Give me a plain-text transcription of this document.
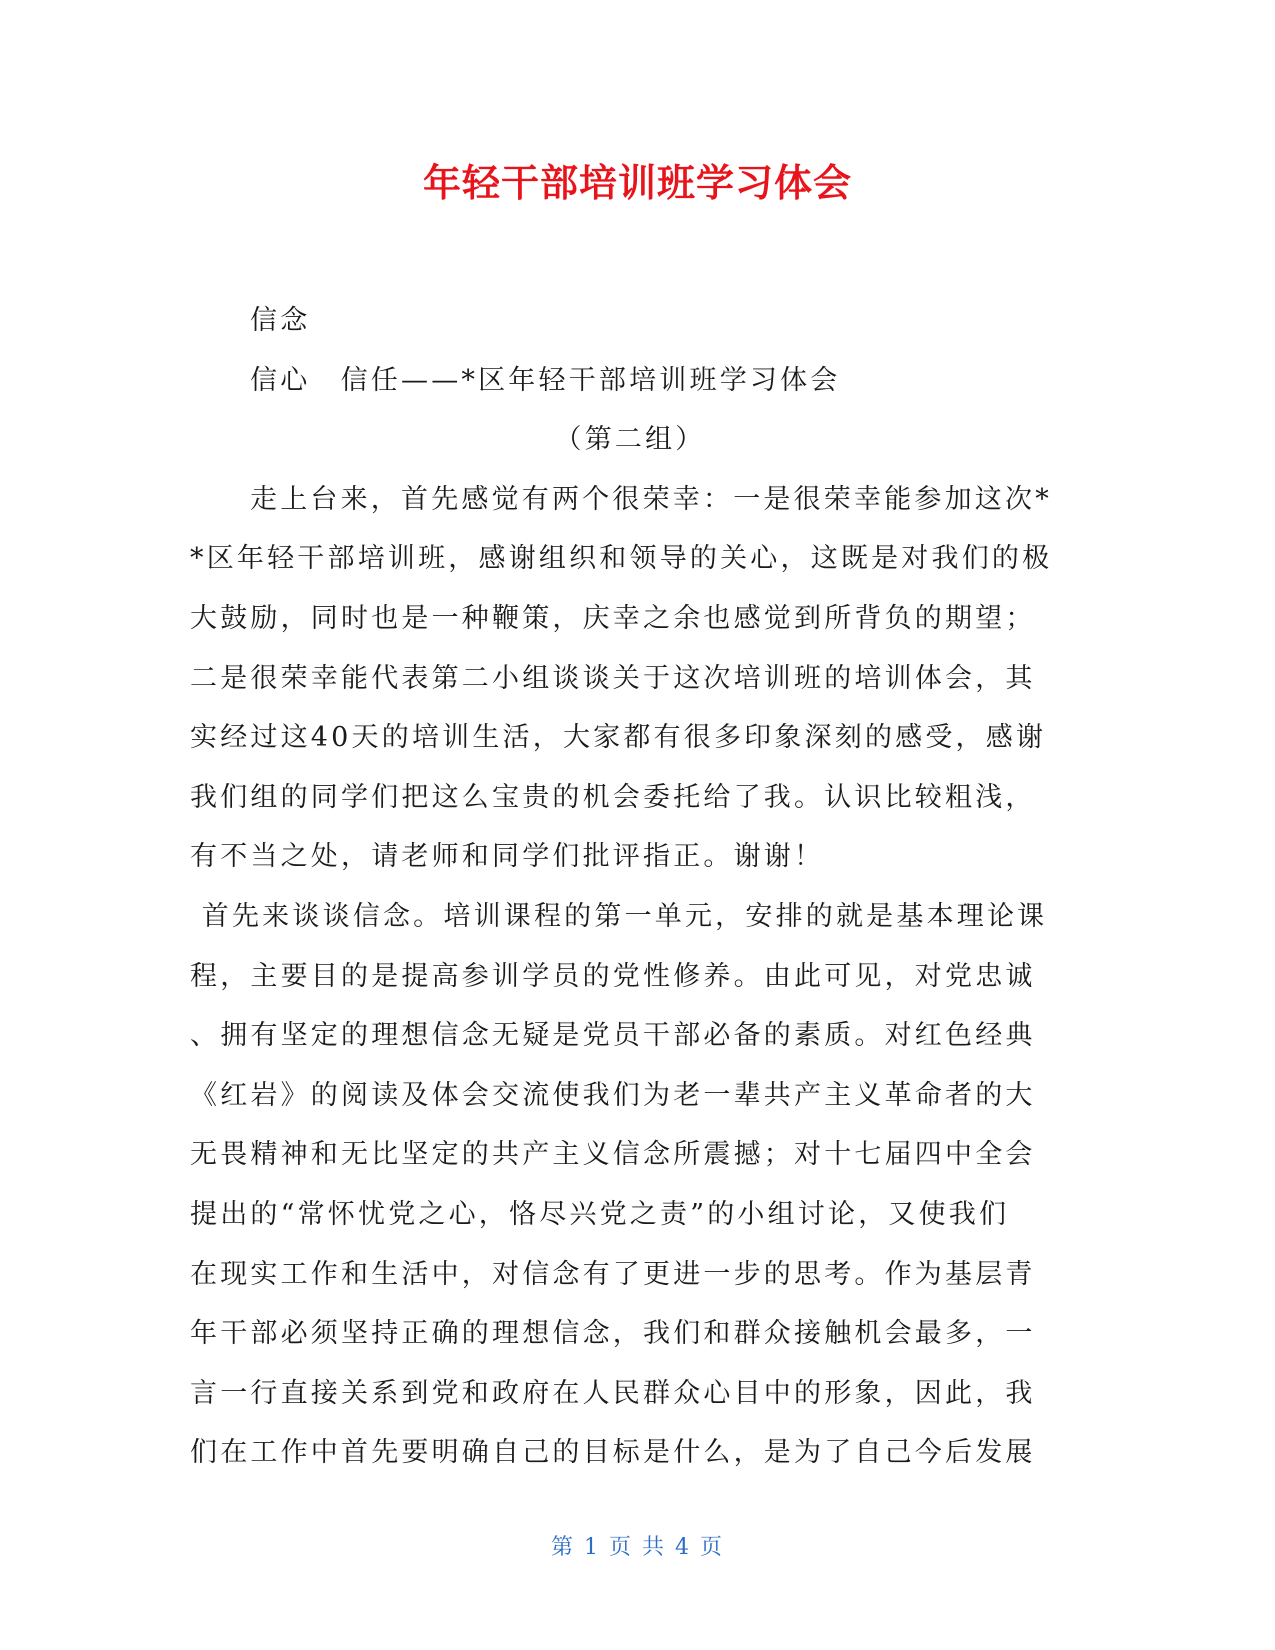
年轻干部培训班学习体会
信念
信心　信任——*区年轻干部培训班学习体会
（第二组）
走上台来，首先感觉有两个很荣幸：一是很荣幸能参加这次*
*区年轻干部培训班，感谢组织和领导的关心，这既是对我们的极
大鼓励，同时也是一种鞭策，庆幸之余也感觉到所背负的期望；
二是很荣幸能代表第二小组谈谈关于这次培训班的培训体会，其
实经过这40天的培训生活，大家都有很多印象深刻的感受，感谢
我们组的同学们把这么宝贵的机会委托给了我。认识比较粗浅，
有不当之处，请老师和同学们批评指正。谢谢！
首先来谈谈信念。培训课程的第一单元，安排的就是基本理论课
程，主要目的是提高参训学员的党性修养。由此可见，对党忠诚
、拥有坚定的理想信念无疑是党员干部必备的素质。对红色经典
《红岩》的阅读及体会交流使我们为老一辈共产主义革命者的大
无畏精神和无比坚定的共产主义信念所震撼；对十七届四中全会
提出的“常怀忧党之心，恪尽兴党之责”的小组讨论，又使我们
在现实工作和生活中，对信念有了更进一步的思考。作为基层青
年干部必须坚持正确的理想信念，我们和群众接触机会最多，一
言一行直接关系到党和政府在人民群众心目中的形象，因此，我
们在工作中首先要明确自己的目标是什么，是为了自己今后发展
第 1 页 共 4 页
